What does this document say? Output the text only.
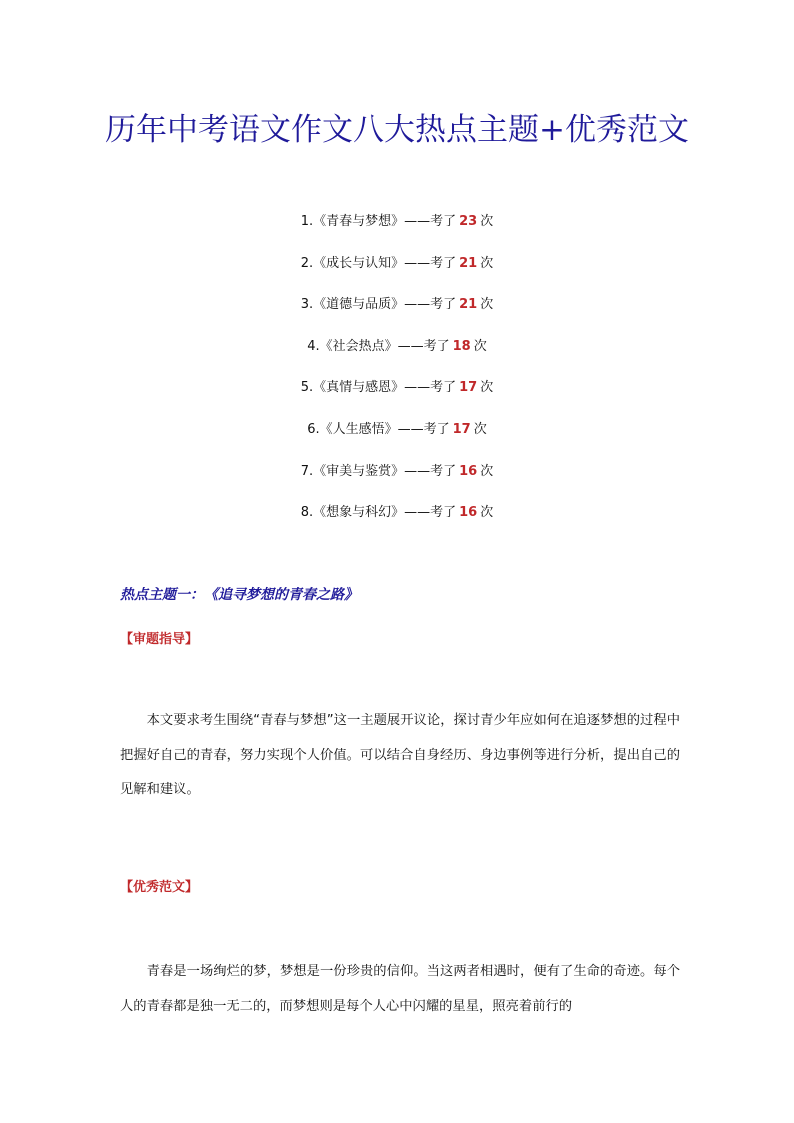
历年中考语文作文八大热点主题+优秀范文
1.《青春与梦想》——考了 23 次
2.《成长与认知》——考了 21 次
3.《道德与品质》——考了 21 次
4.《社会热点》——考了 18 次
5.《真情与感恩》——考了 17 次
6.《人生感悟》——考了 17 次
7.《审美与鉴赏》——考了 16 次
8.《想象与科幻》——考了 16 次
热点主题一：《追寻梦想的青春之路》
【审题指导】

本文要求考生围绕“青春与梦想”这一主题展开议论，探讨青少年应如何在追逐梦想的过程中把握好自己的青春，努力实现个人价值。可以结合自身经历、身边事例等进行分析，提出自己的见解和建议。

【优秀范文】

青春是一场绚烂的梦，梦想是一份珍贵的信仰。当这两者相遇时，便有了生命的奇迹。每个人的青春都是独一无二的，而梦想则是每个人心中闪耀的星星，照亮着前行的
